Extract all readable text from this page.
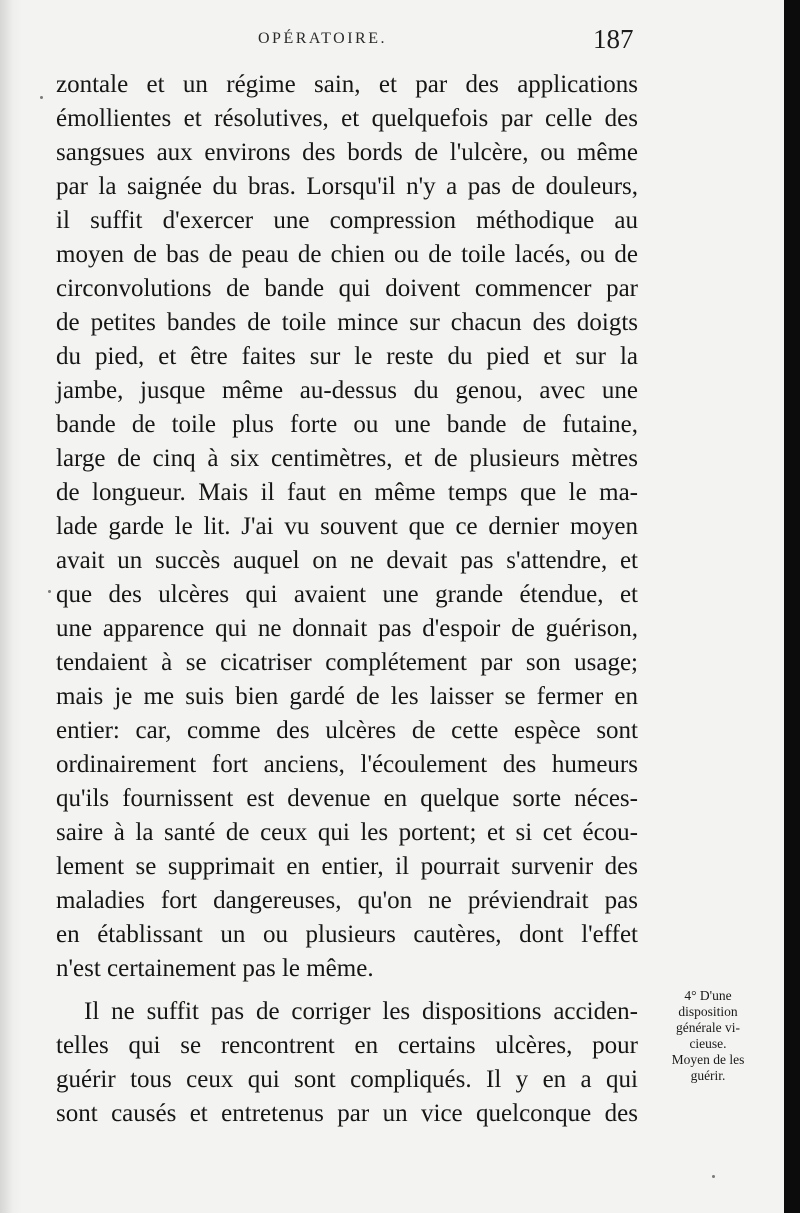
OPÉRATOIRE.	187
zontale et un régime sain, et par des applications
émollientes et résolutives, et quelquefois par celle des
sangsues aux environs des bords de l'ulcère, ou même
par la saignée du bras. Lorsqu'il n'y a pas de douleurs,
il suffit d'exercer une compression méthodique au
moyen de bas de peau de chien ou de toile lacés, ou de
circonvolutions de bande qui doivent commencer par
de petites bandes de toile mince sur chacun des doigts
du pied, et être faites sur le reste du pied et sur la
jambe, jusque même au-dessus du genou, avec une
bande de toile plus forte ou une bande de futaine,
large de cinq à six centimètres, et de plusieurs mètres
de longueur. Mais il faut en même temps que le ma-
lade garde le lit. J'ai vu souvent que ce dernier moyen
avait un succès auquel on ne devait pas s'attendre, et
que des ulcères qui avaient une grande étendue, et
une apparence qui ne donnait pas d'espoir de guérison,
tendaient à se cicatriser complétement par son usage;
mais je me suis bien gardé de les laisser se fermer en
entier: car, comme des ulcères de cette espèce sont
ordinairement fort anciens, l'écoulement des humeurs
qu'ils fournissent est devenue en quelque sorte néces-
saire à la santé de ceux qui les portent; et si cet écou-
lement se supprimait en entier, il pourrait survenir des
maladies fort dangereuses, qu'on ne préviendrait pas
en établissant un ou plusieurs cautères, dont l'effet
n'est certainement pas le même.
Il ne suffit pas de corriger les dispositions acciden-
telles qui se rencontrent en certains ulcères, pour
guérir tous ceux qui sont compliqués. Il y en a qui
sont causés et entretenus par un vice quelconque des
4° D'une
disposition
générale vi-
cieuse.
Moyen de les
guérir.
